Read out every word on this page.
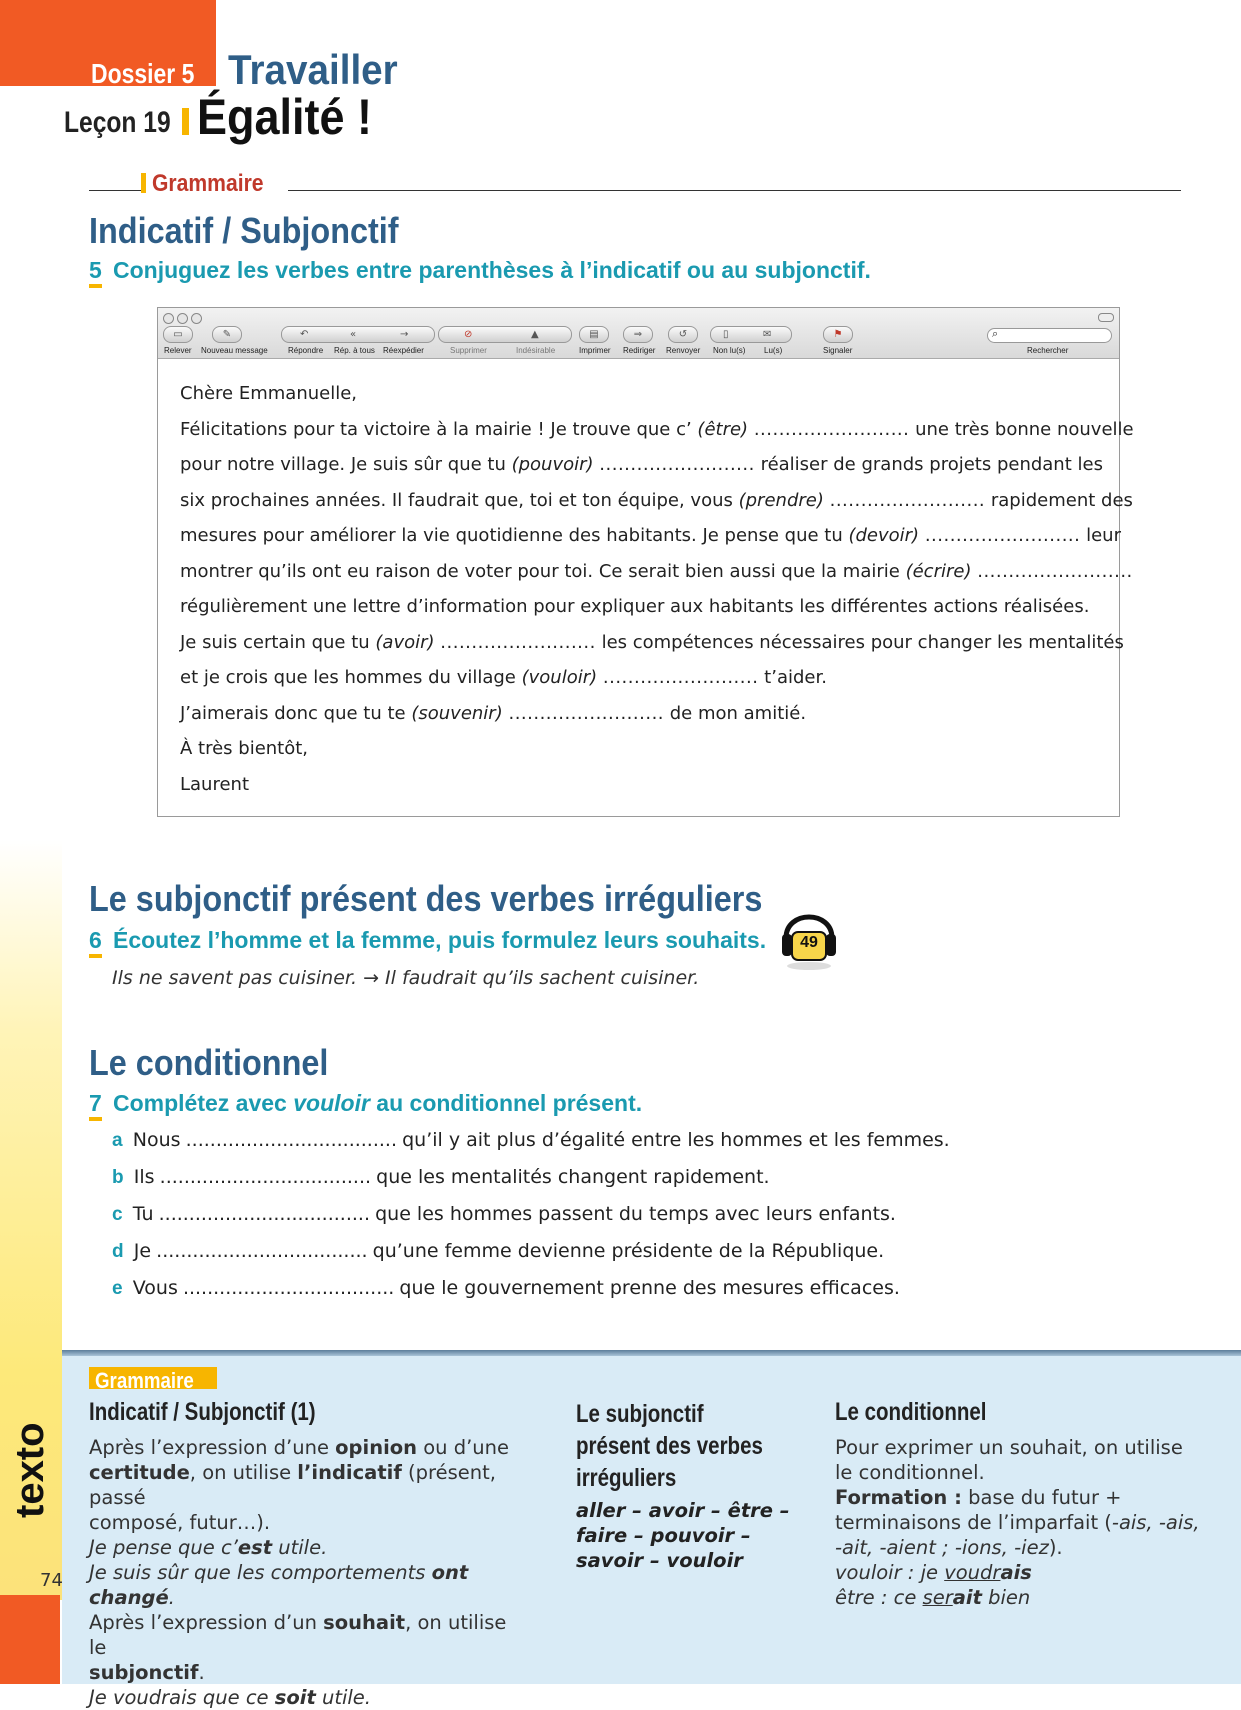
Dossier 5 Travailler
Leçon 19 Égalité !
Grammaire
Indicatif / Subjonctif
5 Conjuguez les verbes entre parenthèses à l’indicatif ou au subjonctif.
▭	✎	↶	«	→	⊘	▲	▤	⇒	↺	▯	✉	⚑	⌕
Relever Nouveau message	Répondre Rép. à tous Réexpédier	Supprimer	Indésirable	Imprimer Rediriger Renvoyer Non lu(s) Lu(s)	Signaler	Rechercher
Chère Emmanuelle,
Félicitations pour ta victoire à la mairie ! Je trouve que c’ (être) ......................... une très bonne nouvelle
pour notre village. Je suis sûr que tu (pouvoir) ......................... réaliser de grands projets pendant les
six prochaines années. Il faudrait que, toi et ton équipe, vous (prendre) ......................... rapidement des
mesures pour améliorer la vie quotidienne des habitants. Je pense que tu (devoir) ......................... leur
montrer qu’ils ont eu raison de voter pour toi. Ce serait bien aussi que la mairie (écrire) .........................
régulièrement une lettre d’information pour expliquer aux habitants les différentes actions réalisées.
Je suis certain que tu (avoir) ......................... les compétences nécessaires pour changer les mentalités
et je crois que les hommes du village (vouloir) ......................... t’aider.
J’aimerais donc que tu te (souvenir) ......................... de mon amitié.
À très bientôt,
Laurent
Le subjonctif présent des verbes irréguliers
6 Écoutez l’homme et la femme, puis formulez leurs souhaits.
Ils ne savent pas cuisiner. → Il faudrait qu’ils sachent cuisiner.
49
Le conditionnel
7 Complétez avec vouloir au conditionnel présent.
a Nous ................................... qu’il y ait plus d’égalité entre les hommes et les femmes.
b Ils ................................... que les mentalités changent rapidement.
c Tu ................................... que les hommes passent du temps avec leurs enfants.
d Je ................................... qu’une femme devienne présidente de la République.
e Vous ................................... que le gouvernement prenne des mesures efficaces.
Grammaire
Indicatif / Subjonctif (1)
Après l’expression d’une opinion ou d’une
certitude, on utilise l’indicatif (présent, passé
composé, futur…).
Je pense que c’est utile.
Je suis sûr que les comportements ont changé.
Après l’expression d’un souhait, on utilise le
subjonctif.
Je voudrais que ce soit utile.
Le subjonctif
présent des verbes
irréguliers
aller – avoir – être –
faire – pouvoir –
savoir – vouloir
Le conditionnel
Pour exprimer un souhait, on utilise
le conditionnel.
Formation : base du futur +
terminaisons de l’imparfait (-ais, -ais,
-ait, -aient ; -ions, -iez).
vouloir : je voudrais
être : ce serait bien
texto
74
